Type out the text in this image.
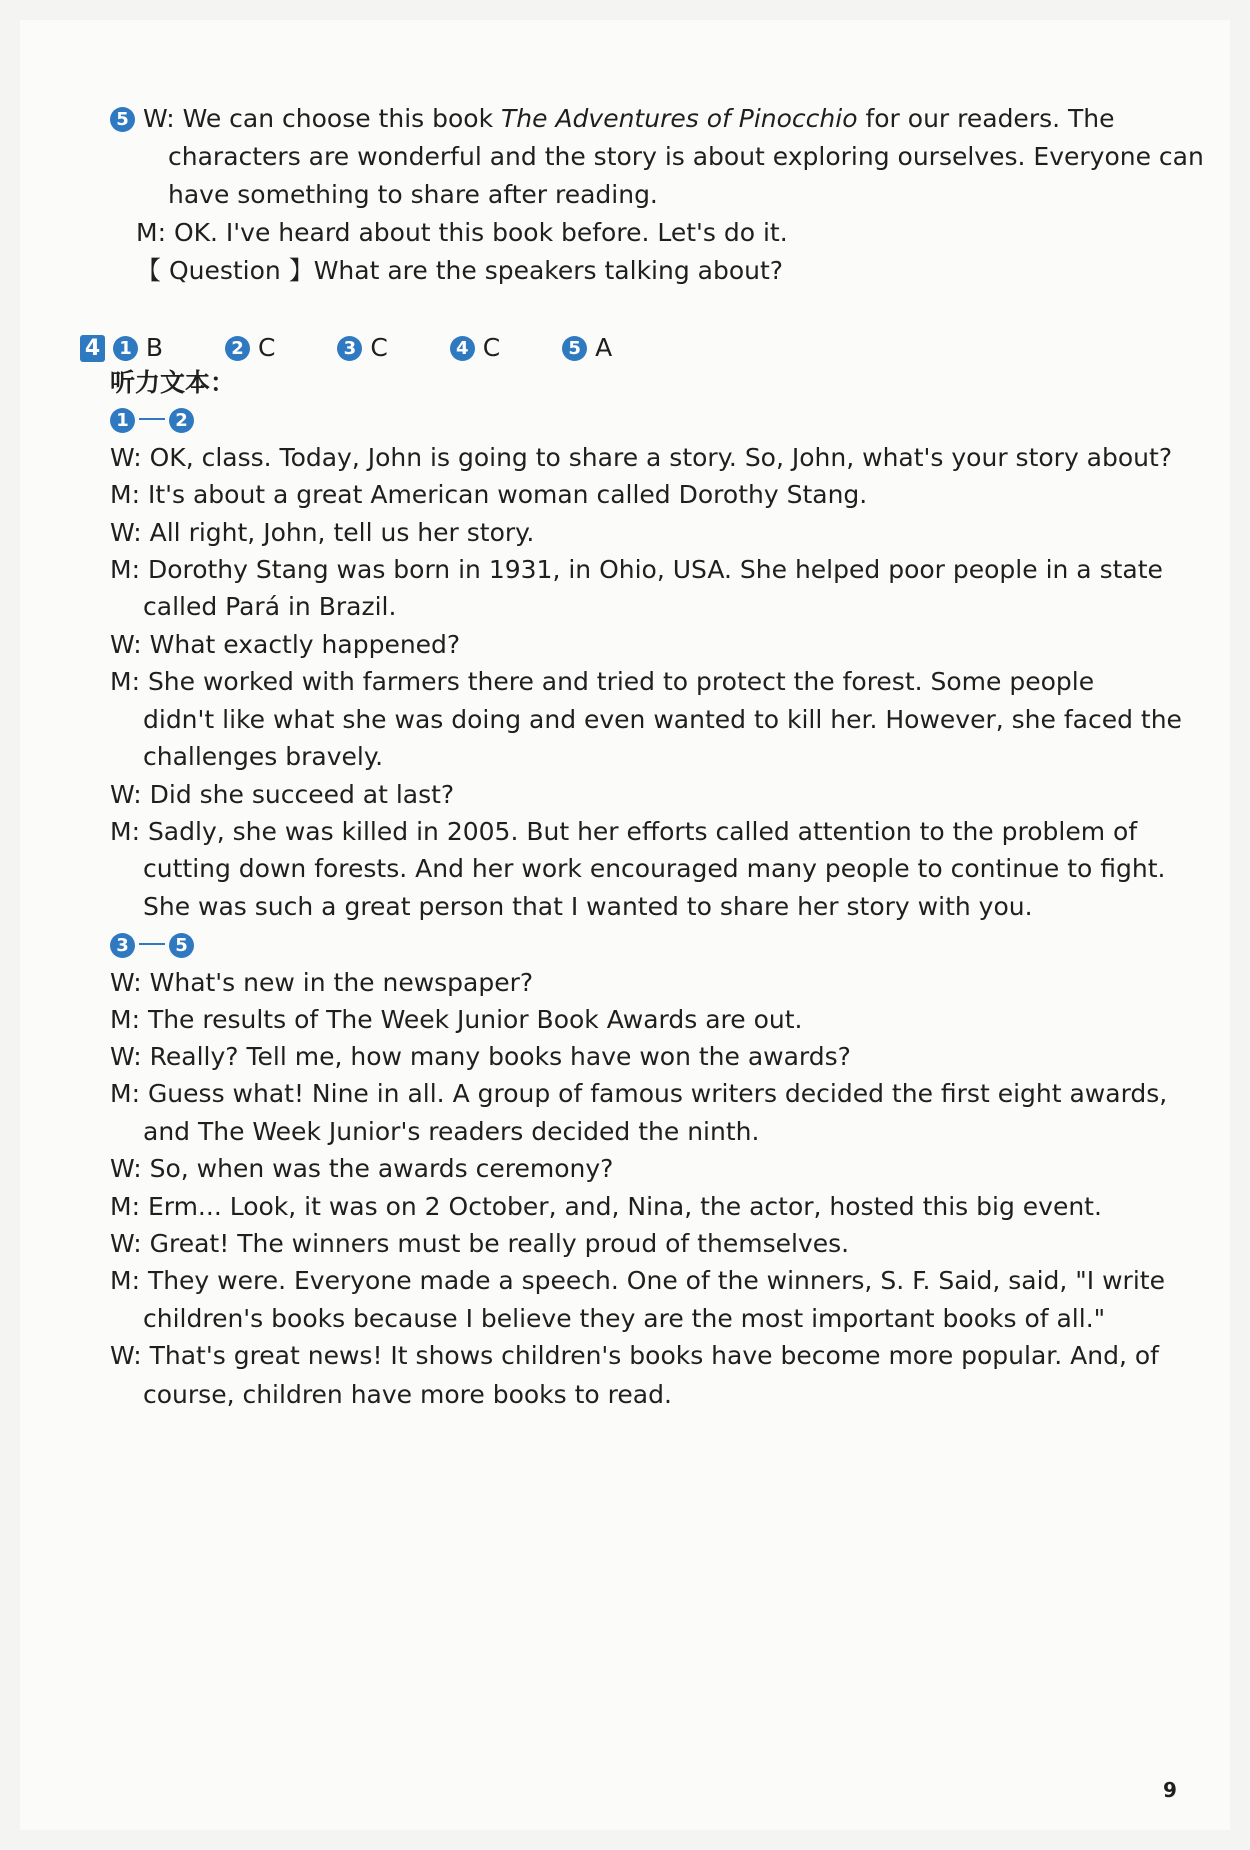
5 W: We can choose this book The Adventures of Pinocchio for our readers. The
characters are wonderful and the story is about exploring ourselves. Everyone can
have something to share after reading.
M: OK. I've heard about this book before. Let's do it.
【 Question 】What are the speakers talking about?
4 1 B	2 C	3 C	4 C	5 A
听力文本：
1	2
W: OK, class. Today, John is going to share a story. So, John, what's your story about?
M: It's about a great American woman called Dorothy Stang.
W: All right, John, tell us her story.
M: Dorothy Stang was born in 1931, in Ohio, USA. She helped poor people in a state
called Pará in Brazil.
W: What exactly happened?
M: She worked with farmers there and tried to protect the forest. Some people
didn't like what she was doing and even wanted to kill her. However, she faced the
challenges bravely.
W: Did she succeed at last?
M: Sadly, she was killed in 2005. But her efforts called attention to the problem of
cutting down forests. And her work encouraged many people to continue to fight.
She was such a great person that I wanted to share her story with you.
3	5
W: What's new in the newspaper?
M: The results of The Week Junior Book Awards are out.
W: Really? Tell me, how many books have won the awards?
M: Guess what! Nine in all. A group of famous writers decided the first eight awards,
and The Week Junior's readers decided the ninth.
W: So, when was the awards ceremony?
M: Erm... Look, it was on 2 October, and, Nina, the actor, hosted this big event.
W: Great! The winners must be really proud of themselves.
M: They were. Everyone made a speech. One of the winners, S. F. Said, said, "I write
children's books because I believe they are the most important books of all."
W: That's great news! It shows children's books have become more popular. And, of
course, children have more books to read.
9
